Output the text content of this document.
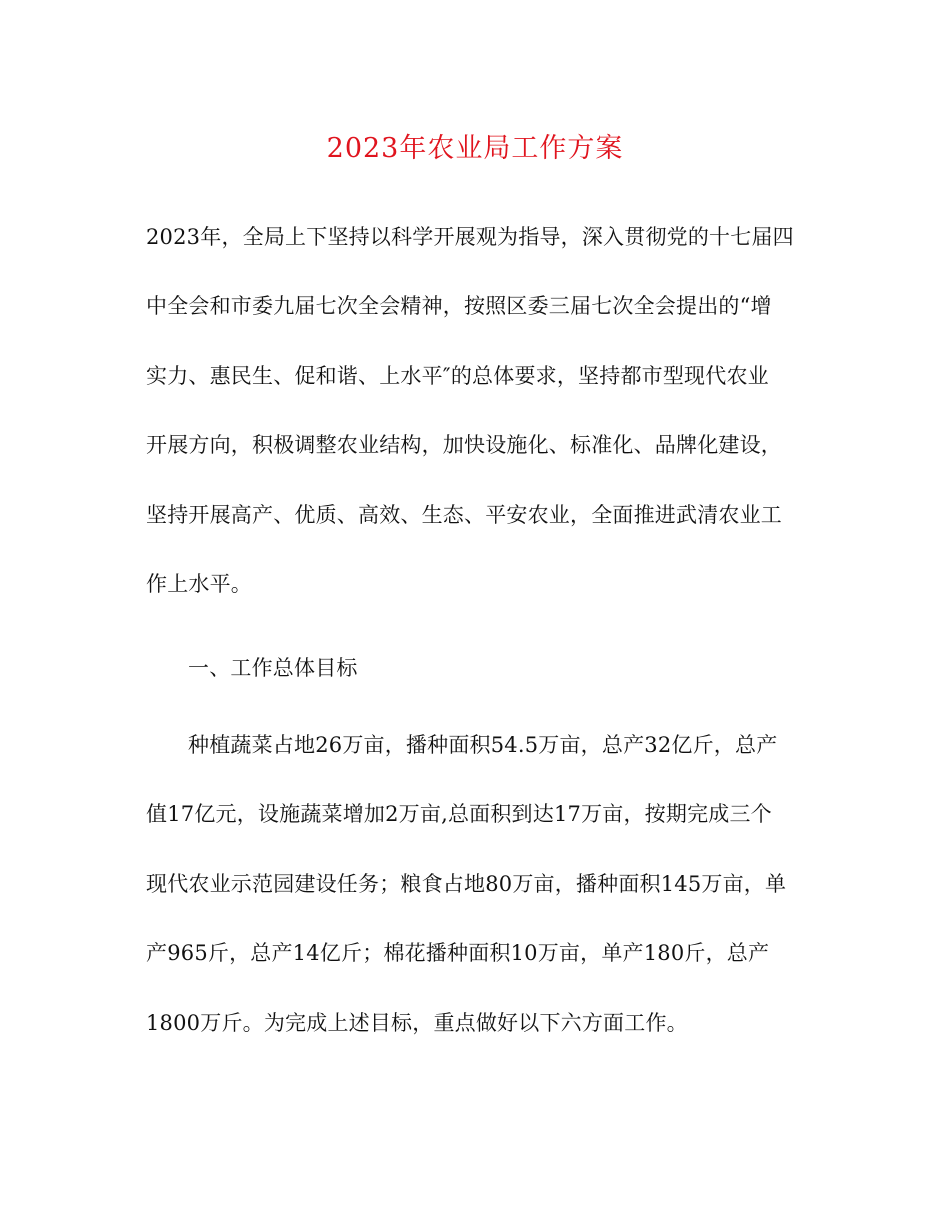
2023年农业局工作方案
2023年，全局上下坚持以科学开展观为指导，深入贯彻党的十七届四
中全会和市委九届七次全会精神，按照区委三届七次全会提出的“增
实力、惠民生、促和谐、上水平″的总体要求，坚持都市型现代农业
开展方向，积极调整农业结构，加快设施化、标准化、品牌化建设，
坚持开展高产、优质、高效、生态、平安农业，全面推进武清农业工
作上水平。
一、工作总体目标
种植蔬菜占地26万亩，播种面积54.5万亩，总产32亿斤，总产
值17亿元，设施蔬菜增加2万亩,总面积到达17万亩，按期完成三个
现代农业示范园建设任务；粮食占地80万亩，播种面积145万亩，单
产965斤，总产14亿斤；棉花播种面积10万亩，单产180斤，总产
1800万斤。为完成上述目标，重点做好以下六方面工作。
